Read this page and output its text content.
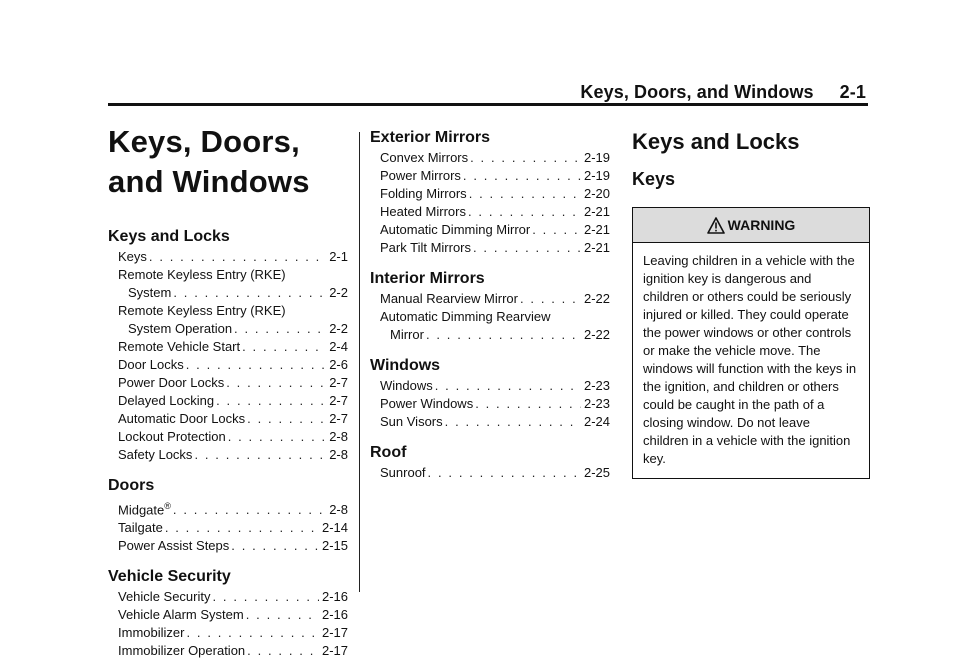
Keys, Doors, and Windows 2-1
Keys, Doors, and Windows
Keys and Locks
Keys . . .	2-1
Remote Keyless Entry (RKE)
System . . .	2-2
Remote Keyless Entry (RKE)
System Operation . . .	2-2
Remote Vehicle Start . . .	2-4
Door Locks . . .	2-6
Power Door Locks . . .	2-7
Delayed Locking . . .	2-7
Automatic Door Locks . . .	2-7
Lockout Protection . . .	2-8
Safety Locks . . .	2-8
Doors
Midgate® . . .	2-8
Tailgate . . .	2-14
Power Assist Steps . . .	2-15
Vehicle Security
Vehicle Security . . .	2-16
Vehicle Alarm System . . .	2-16
Immobilizer . . .	2-17
Immobilizer Operation . . .	2-17
Exterior Mirrors
Convex Mirrors . . .	2-19
Power Mirrors . . .	2-19
Folding Mirrors . . .	2-20
Heated Mirrors . . .	2-21
Automatic Dimming Mirror . . .	2-21
Park Tilt Mirrors . . .	2-21
Interior Mirrors
Manual Rearview Mirror . . .	2-22
Automatic Dimming Rearview
Mirror . . .	2-22
Windows
Windows . . .	2-23
Power Windows . . .	2-23
Sun Visors . . .	2-24
Roof
Sunroof . . .	2-25
Keys and Locks
Keys
WARNING
Leaving children in a vehicle with the ignition key is dangerous and children or others could be seriously injured or killed. They could operate the power windows or other controls or make the vehicle move. The windows will function with the keys in the ignition, and children or others could be caught in the path of a closing window. Do not leave children in a vehicle with the ignition key.
